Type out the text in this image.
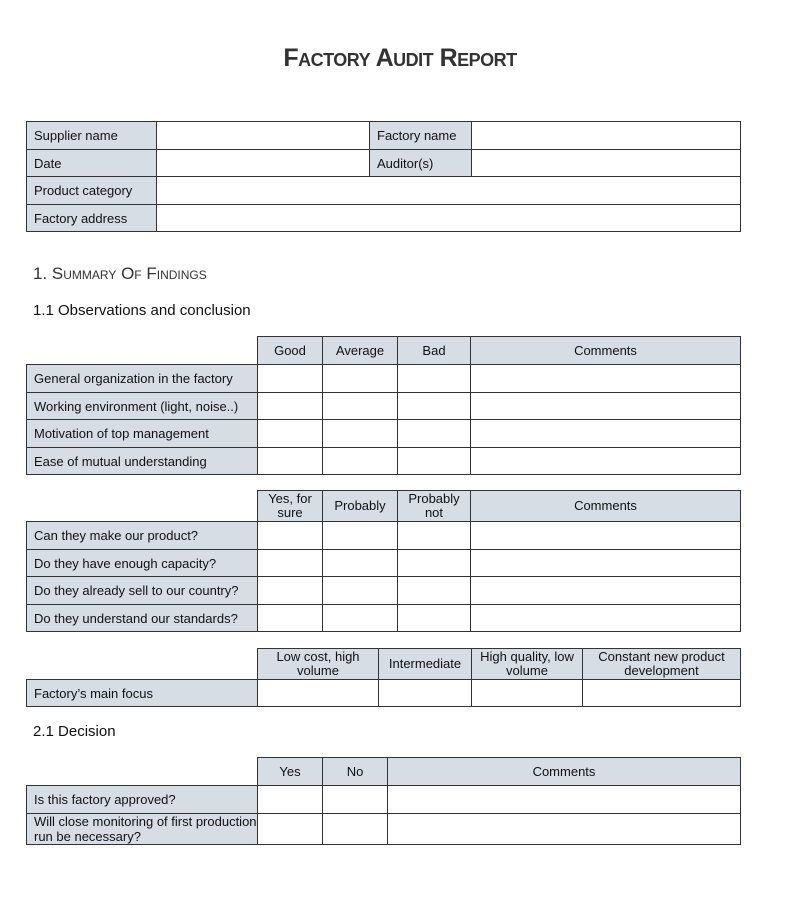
Factory Audit Report
Supplier name		Factory name	
Date		Auditor(s)	
Product category			
Factory address			
1. Summary Of Findings
1.1 Observations and conclusion
	Good	Average	Bad	Comments
General organization in the factory				
Working environment (light, noise..)				
Motivation of top management				
Ease of mutual understanding				
	Yes, for sure	Probably	Probably not	Comments
Can they make our product?				
Do they have enough capacity?				
Do they already sell to our country?				
Do they understand our standards?				
	Low cost, high volume	Intermediate	High quality, low volume	Constant new product development
Factory’s main focus				
2.1 Decision
	Yes	No	Comments
Is this factory approved?			
Will close monitoring of first production run be necessary?			
